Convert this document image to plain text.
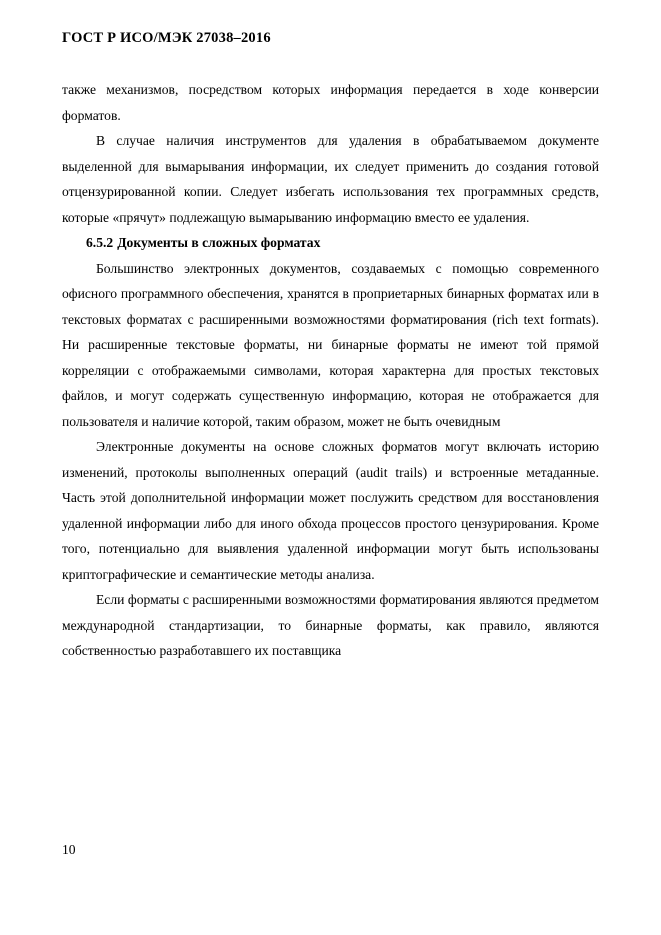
ГОСТ Р ИСО/МЭК 27038–2016

также механизмов, посредством которых информация передается в ходе конверсии форматов.

В случае наличия инструментов для удаления в обрабатываемом документе выделенной для вымарывания информации, их следует применить до создания готовой отцензурированной копии. Следует избегать использования тех программных средств, которые «прячут» подлежащую вымарыванию информацию вместо ее удаления.

6.5.2 Документы в сложных форматах

Большинство электронных документов, создаваемых с помощью современного офисного программного обеспечения, хранятся в проприетарных бинарных форматах или в текстовых форматах с расширенными возможностями форматирования (rich text formats). Ни расширенные текстовые форматы, ни бинарные форматы не имеют той прямой корреляции с отображаемыми символами, которая характерна для простых текстовых файлов, и могут содержать существенную информацию, которая не отображается для пользователя и наличие которой, таким образом, может не быть очевидным

Электронные документы на основе сложных форматов могут включать историю изменений, протоколы выполненных операций (audit trails) и встроенные метаданные. Часть этой дополнительной информации может послужить средством для восстановления удаленной информации либо для иного обхода процессов простого цензурирования. Кроме того, потенциально для выявления удаленной информации могут быть использованы криптографические и семантические методы анализа.

Если форматы с расширенными возможностями форматирования являются предметом международной стандартизации, то бинарные форматы, как правило, являются собственностью разработавшего их поставщика

10
